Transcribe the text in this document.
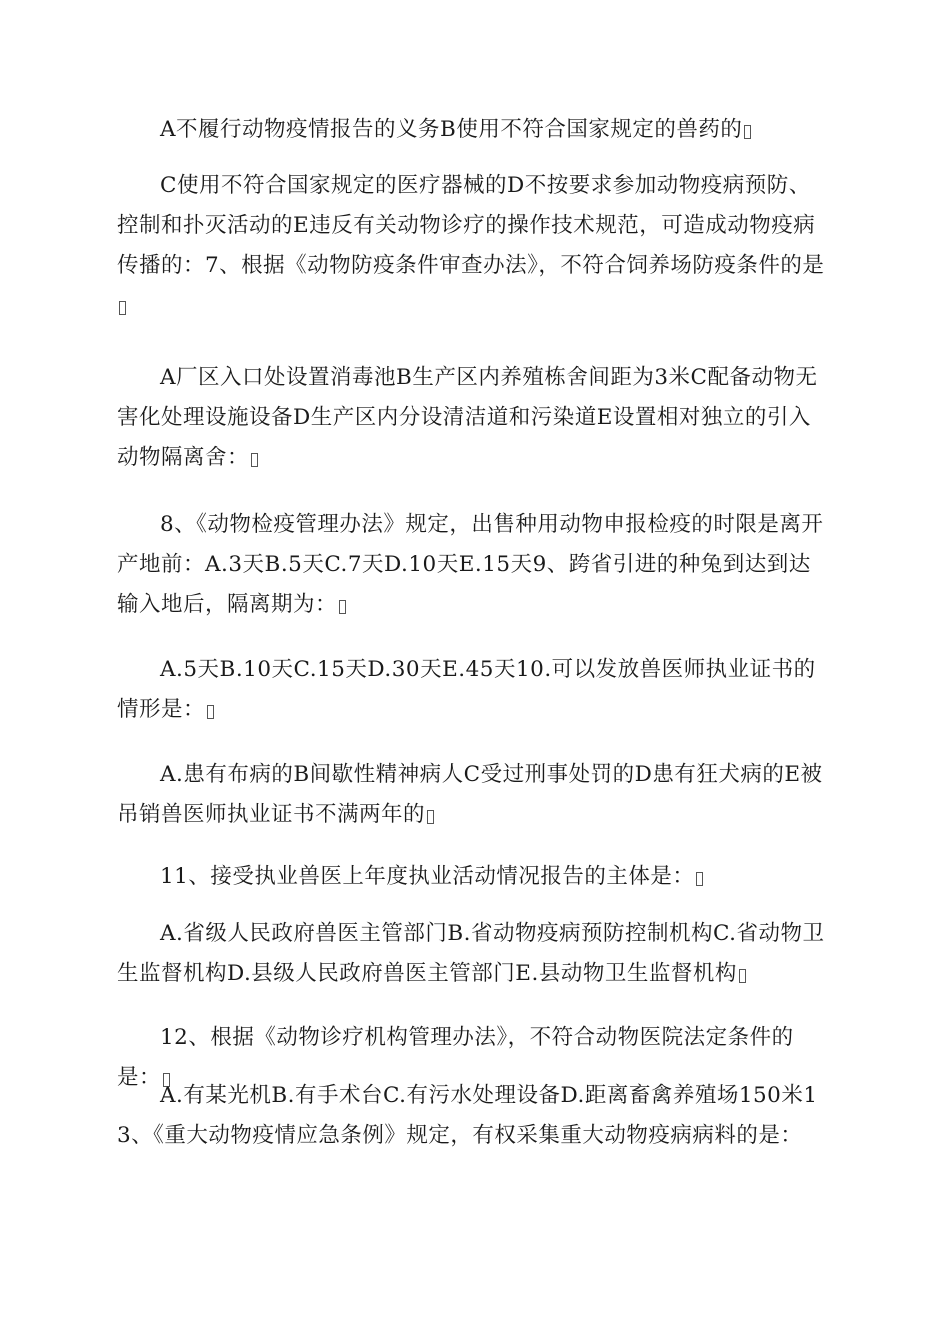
A不履行动物疫情报告的义务B使用不符合国家规定的兽药的

C使用不符合国家规定的医疗器械的D不按要求参加动物疫病预防、控制和扑灭活动的E违反有关动物诊疗的操作技术规范，可造成动物疫病传播的：7、根据《动物防疫条件审查办法》，不符合饲养场防疫条件的是

A厂区入口处设置消毒池B生产区内养殖栋舍间距为3米C配备动物无害化处理设施设备D生产区内分设清洁道和污染道E设置相对独立的引入动物隔离舍：

8、《动物检疫管理办法》规定，出售种用动物申报检疫的时限是离开产地前：A.3天B.5天C.7天D.10天E.15天9、跨省引进的种兔到达到达输入地后，隔离期为：

A.5天B.10天C.15天D.30天E.45天10.可以发放兽医师执业证书的情形是：

A.患有布病的B间歇性精神病人C受过刑事处罚的D患有狂犬病的E被吊销兽医师执业证书不满两年的

11、接受执业兽医上年度执业活动情况报告的主体是：

A.省级人民政府兽医主管部门B.省动物疫病预防控制机构C.省动物卫生监督机构D.县级人民政府兽医主管部门E.县动物卫生监督机构

12、根据《动物诊疗机构管理办法》，不符合动物医院法定条件的是：

A.有某光机B.有手术台C.有污水处理设备D.距离畜禽养殖场150米13、《重大动物疫情应急条例》规定，有权采集重大动物疫病病料的是：
